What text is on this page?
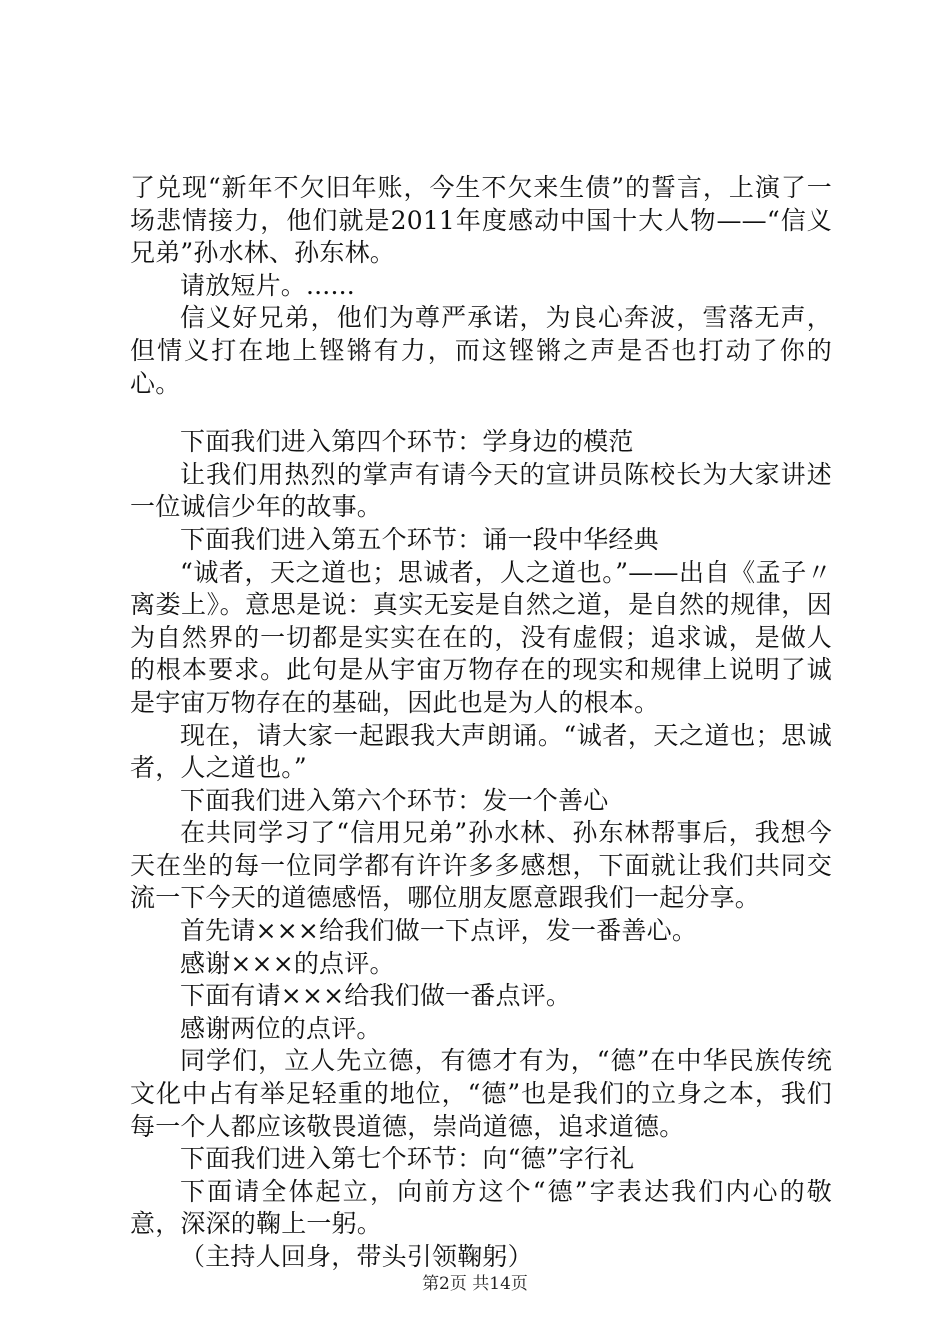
了兑现“新年不欠旧年账，今生不欠来生债”的誓言，上演了一场悲情接力，他们就是2011年度感动中国十大人物——“信义兄弟”孙水林、孙东林。

请放短片。......

信义好兄弟，他们为尊严承诺，为良心奔波，雪落无声，但情义打在地上铿锵有力，而这铿锵之声是否也打动了你的心。

下面我们进入第四个环节：学身边的模范

让我们用热烈的掌声有请今天的宣讲员陈校长为大家讲述一位诚信少年的故事。

下面我们进入第五个环节：诵一段中华经典

“诚者，天之道也；思诚者，人之道也。”——出自《孟子〃离娄上》。意思是说：真实无妄是自然之道，是自然的规律，因为自然界的一切都是实实在在的，没有虚假；追求诚，是做人的根本要求。此句是从宇宙万物存在的现实和规律上说明了诚是宇宙万物存在的基础，因此也是为人的根本。

现在，请大家一起跟我大声朗诵。“诚者，天之道也；思诚者，人之道也。”

下面我们进入第六个环节：发一个善心

在共同学习了“信用兄弟”孙水林、孙东林帮事后，我想今天在坐的每一位同学都有许许多多感想，下面就让我们共同交流一下今天的道德感悟，哪位朋友愿意跟我们一起分享。

首先请×××给我们做一下点评，发一番善心。

感谢×××的点评。

下面有请×××给我们做一番点评。

感谢两位的点评。

同学们，立人先立德，有德才有为，“德”在中华民族传统文化中占有举足轻重的地位，“德”也是我们的立身之本，我们每一个人都应该敬畏道德，崇尚道德，追求道德。

下面我们进入第七个环节：向“德”字行礼

下面请全体起立，向前方这个“德”字表达我们内心的敬意，深深的鞠上一躬。

（主持人回身，带头引领鞠躬）

第2页 共14页
